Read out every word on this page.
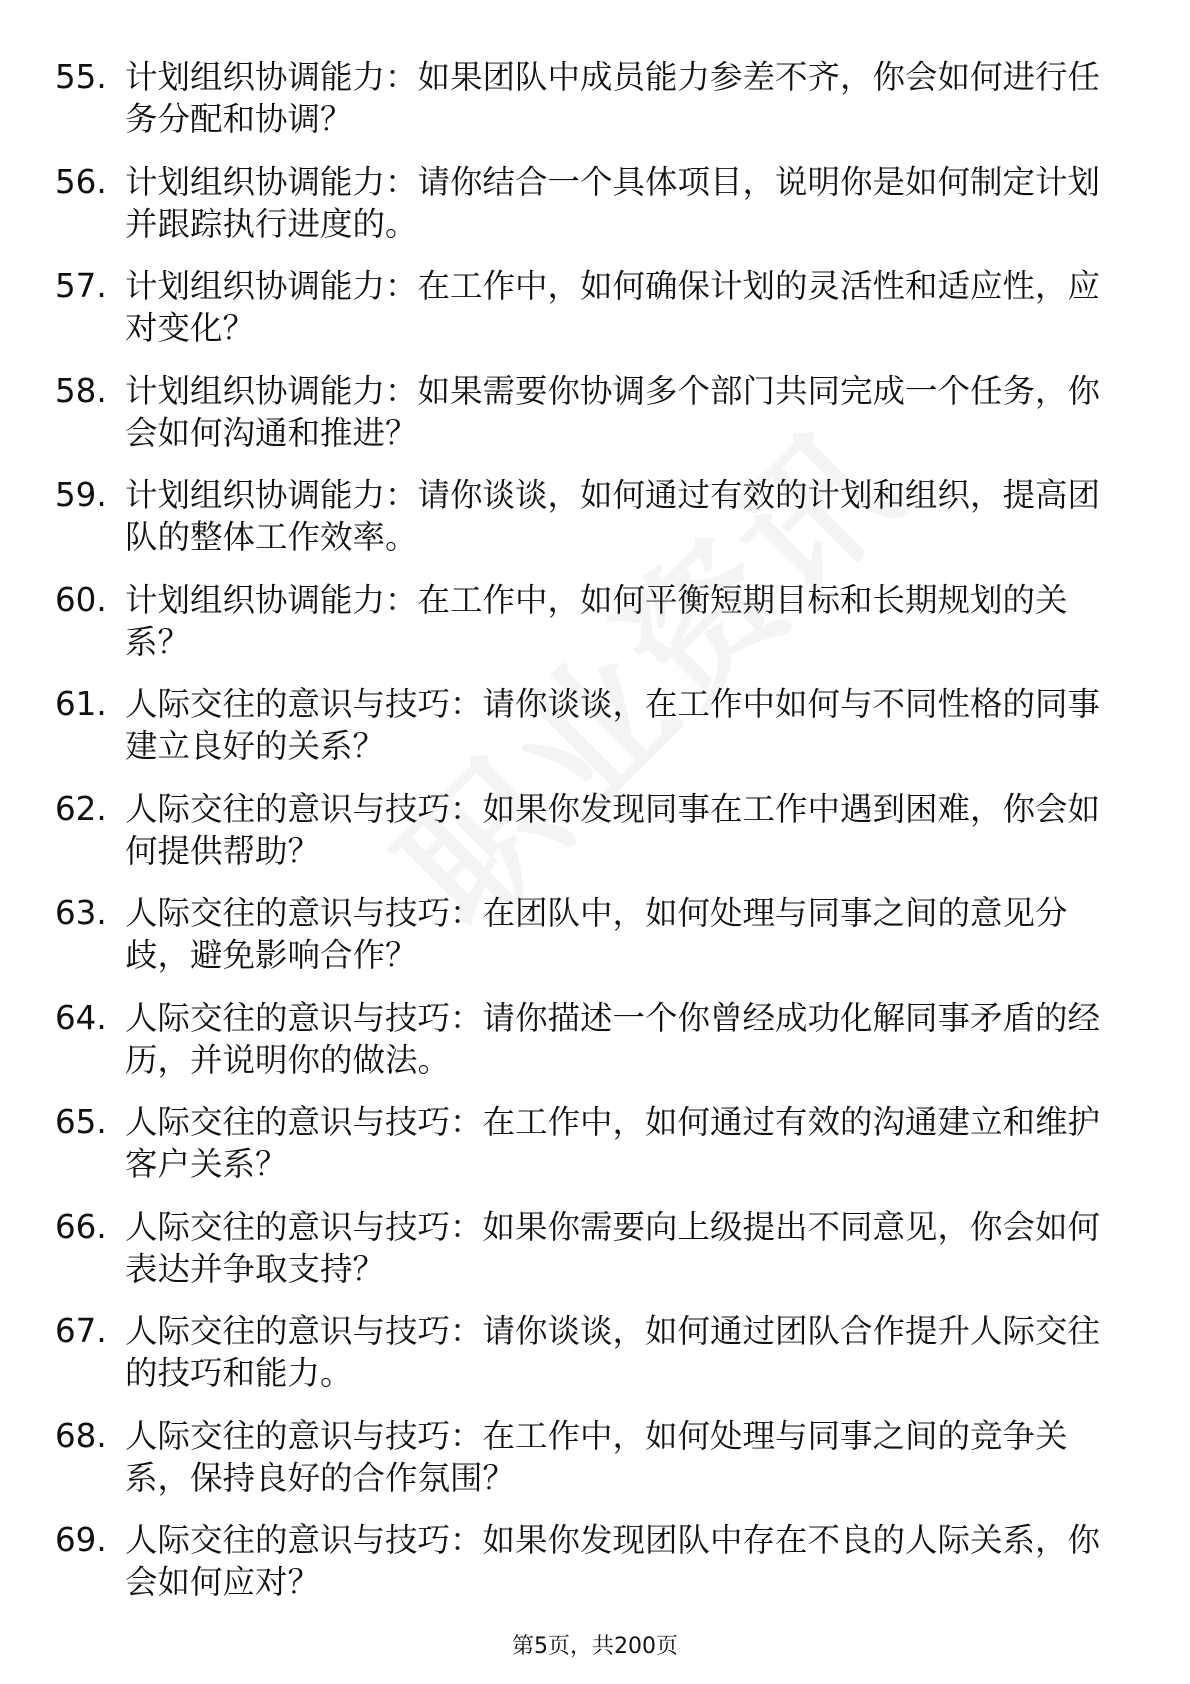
55. 计划组织协调能力：如果团队中成员能力参差不齐，你会如何进行任务分配和协调？
56. 计划组织协调能力：请你结合一个具体项目，说明你是如何制定计划并跟踪执行进度的。
57. 计划组织协调能力：在工作中，如何确保计划的灵活性和适应性，应对变化？
58. 计划组织协调能力：如果需要你协调多个部门共同完成一个任务，你会如何沟通和推进？
59. 计划组织协调能力：请你谈谈，如何通过有效的计划和组织，提高团队的整体工作效率。
60. 计划组织协调能力：在工作中，如何平衡短期目标和长期规划的关系？
61. 人际交往的意识与技巧：请你谈谈，在工作中如何与不同性格的同事建立良好的关系？
62. 人际交往的意识与技巧：如果你发现同事在工作中遇到困难，你会如何提供帮助？
63. 人际交往的意识与技巧：在团队中，如何处理与同事之间的意见分歧，避免影响合作？
64. 人际交往的意识与技巧：请你描述一个你曾经成功化解同事矛盾的经历，并说明你的做法。
65. 人际交往的意识与技巧：在工作中，如何通过有效的沟通建立和维护客户关系？
66. 人际交往的意识与技巧：如果你需要向上级提出不同意见，你会如何表达并争取支持？
67. 人际交往的意识与技巧：请你谈谈，如何通过团队合作提升人际交往的技巧和能力。
68. 人际交往的意识与技巧：在工作中，如何处理与同事之间的竞争关系，保持良好的合作氛围？
69. 人际交往的意识与技巧：如果你发现团队中存在不良的人际关系，你会如何应对？
第5页，共200页
